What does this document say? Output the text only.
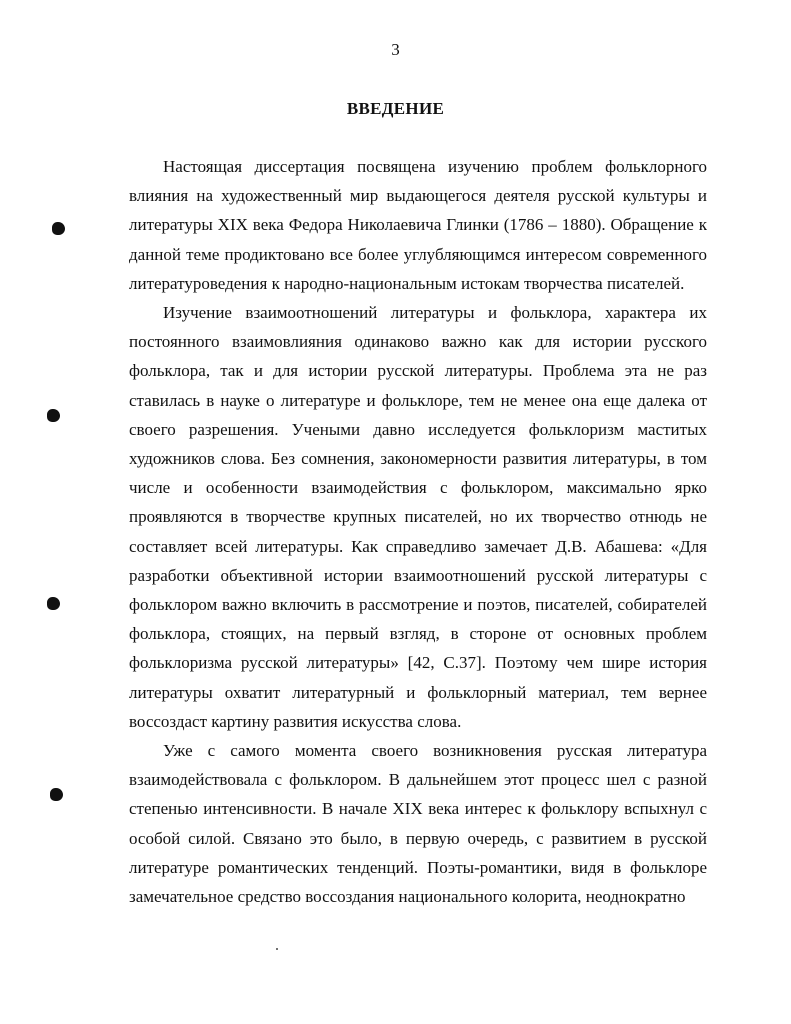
3
ВВЕДЕНИЕ

Настоящая диссертация посвящена изучению проблем фольклорного влияния на художественный мир выдающегося деятеля русской культуры и литературы XIX века Федора Николаевича Глинки (1786 – 1880). Обращение к данной теме продиктовано все более углубляющимся интересом современного литературоведения к народно-национальным истокам творчества писателей.

Изучение взаимоотношений литературы и фольклора, характера их постоянного взаимовлияния одинаково важно как для истории русского фольклора, так и для истории русской литературы. Проблема эта не раз ставилась в науке о литературе и фольклоре, тем не менее она еще далека от своего разрешения. Учеными давно исследуется фольклоризм маститых художников слова. Без сомнения, закономерности развития литературы, в том числе и особенности взаимодействия с фольклором, максимально ярко проявляются в творчестве крупных писателей, но их творчество отнюдь не составляет всей литературы. Как справедливо замечает Д.В. Абашева: «Для разработки объективной истории взаимоотношений русской литературы с фольклором важно включить в рассмотрение и поэтов, писателей, собирателей фольклора, стоящих, на первый взгляд, в стороне от основных проблем фольклоризма русской литературы» [42, С.37]. Поэтому чем шире история литературы охватит литературный и фольклорный материал, тем вернее воссоздаст картину развития искусства слова.

Уже с самого момента своего возникновения русская литература взаимодействовала с фольклором. В дальнейшем этот процесс шел с разной степенью интенсивности. В начале XIX века интерес к фольклору вспыхнул с особой силой. Связано это было, в первую очередь, с развитием в русской литературе романтических тенденций. Поэты-романтики, видя в фольклоре замечательное средство воссоздания национального колорита, неоднократно
